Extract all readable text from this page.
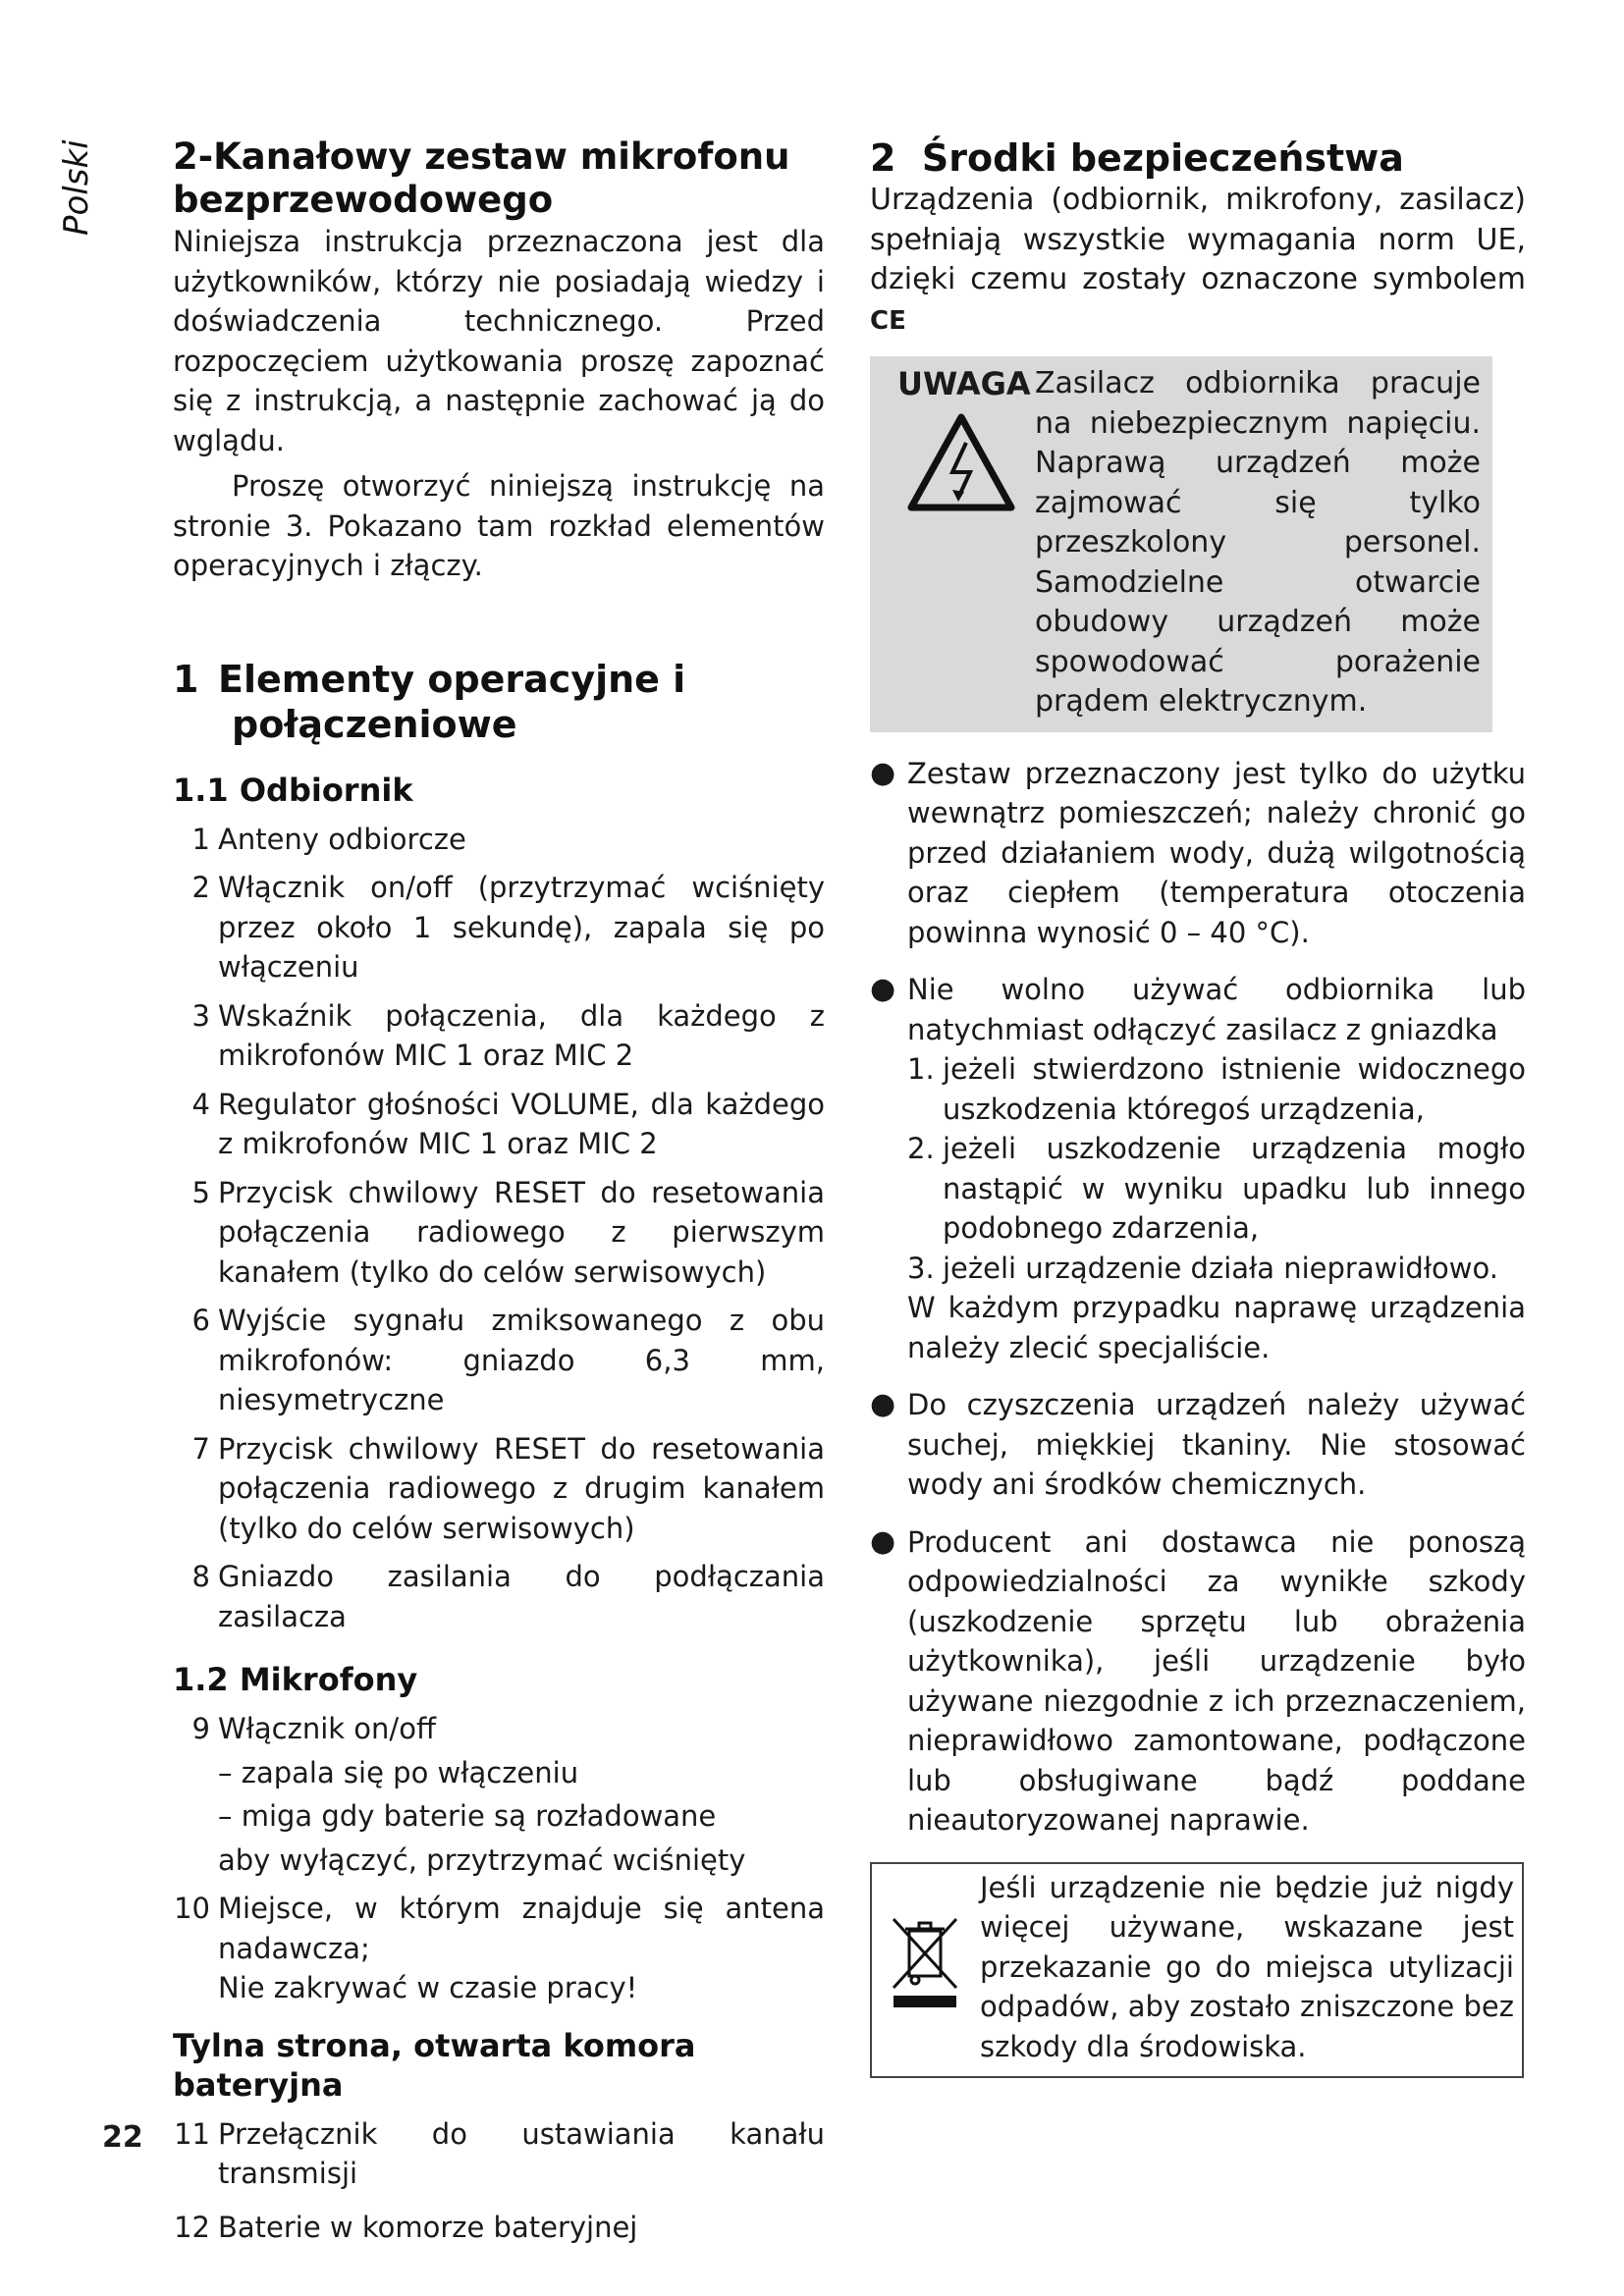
Polski 2-Kanałowy zestaw mikrofonu
bezprzewodowego

Niniejsza instrukcja przeznaczona jest dla użytkowników, którzy nie posiadają wiedzy i doświadczenia technicznego. Przed rozpoczęciem użytkowania proszę zapoznać się z instrukcją, a następnie zachować ją do wglądu.

Proszę otworzyć niniejszą instrukcję na stronie 3. Pokazano tam rozkład elementów operacyjnych i złączy.

1 Elementy operacyjne i
połączeniowe
1.1 Odbiornik
1 Anteny odbiorcze
2 Włącznik on/off (przytrzymać wciśnięty przez około 1 sekundę), zapala się po włączeniu
3 Wskaźnik połączenia, dla każdego z mikrofonów MIC 1 oraz MIC 2
4 Regulator głośności VOLUME, dla każdego z mikrofonów MIC 1 oraz MIC 2
5 Przycisk chwilowy RESET do resetowania połączenia radiowego z pierwszym kanałem (tylko do celów serwisowych)
6 Wyjście sygnału zmiksowanego z obu mikrofonów: gniazdo 6,3 mm, niesymetryczne
7 Przycisk chwilowy RESET do resetowania połączenia radiowego z drugim kanałem (tylko do celów serwisowych)
8 Gniazdo zasilania do podłączania zasilacza
1.2 Mikrofony
9 Włącznik on/off
– zapala się po włączeniu
– miga gdy baterie są rozładowane
aby wyłączyć, przytrzymać wciśnięty
10 Miejsce, w którym znajduje się antena nadawcza;
Nie zakrywać w czasie pracy!
Tylna strona, otwarta komora bateryjna
11 Przełącznik do ustawiania kanału transmisji
12 Baterie w komorze bateryjnej
2  Środki bezpieczeństwa

Urządzenia (odbiornik, mikrofony, zasilacz) spełniają wszystkie wymagania norm UE, dzięki czemu zostały oznaczone symbolem CE

UWAGA Zasilacz odbiornika pracuje na niebezpiecznym napięciu. Naprawą urządzeń może zajmować się tylko przeszkolony personel. Samodzielne otwarcie obudowy urządzeń może spowodować porażenie prądem elektrycznym.
● Zestaw przeznaczony jest tylko do użytku wewnątrz pomieszczeń; należy chronić go przed działaniem wody, dużą wilgotnością oraz ciepłem (temperatura otoczenia powinna wynosić 0 – 40 °C).
● Nie wolno używać odbiornika lub natychmiast odłączyć zasilacz z gniazdka
1. jeżeli stwierdzono istnienie widocznego uszkodzenia któregoś urządzenia,
2. jeżeli uszkodzenie urządzenia mogło nastąpić w wyniku upadku lub innego podobnego zdarzenia,
3. jeżeli urządzenie działa nieprawidłowo.
W każdym przypadku naprawę urządzenia należy zlecić specjaliście.
● Do czyszczenia urządzeń należy używać suchej, miękkiej tkaniny. Nie stosować wody ani środków chemicznych.
● Producent ani dostawca nie ponoszą odpowiedzialności za wynikłe szkody (uszkodzenie sprzętu lub obrażenia użytkownika), jeśli urządzenie było używane niezgodnie z ich przeznaczeniem, nieprawidłowo zamontowane, podłączone lub obsługiwane bądź poddane nieautoryzowanej naprawie.
Jeśli urządzenie nie będzie już nigdy więcej używane, wskazane jest przekazanie go do miejsca utylizacji odpadów, aby zostało zniszczone bez szkody dla środowiska.
22
